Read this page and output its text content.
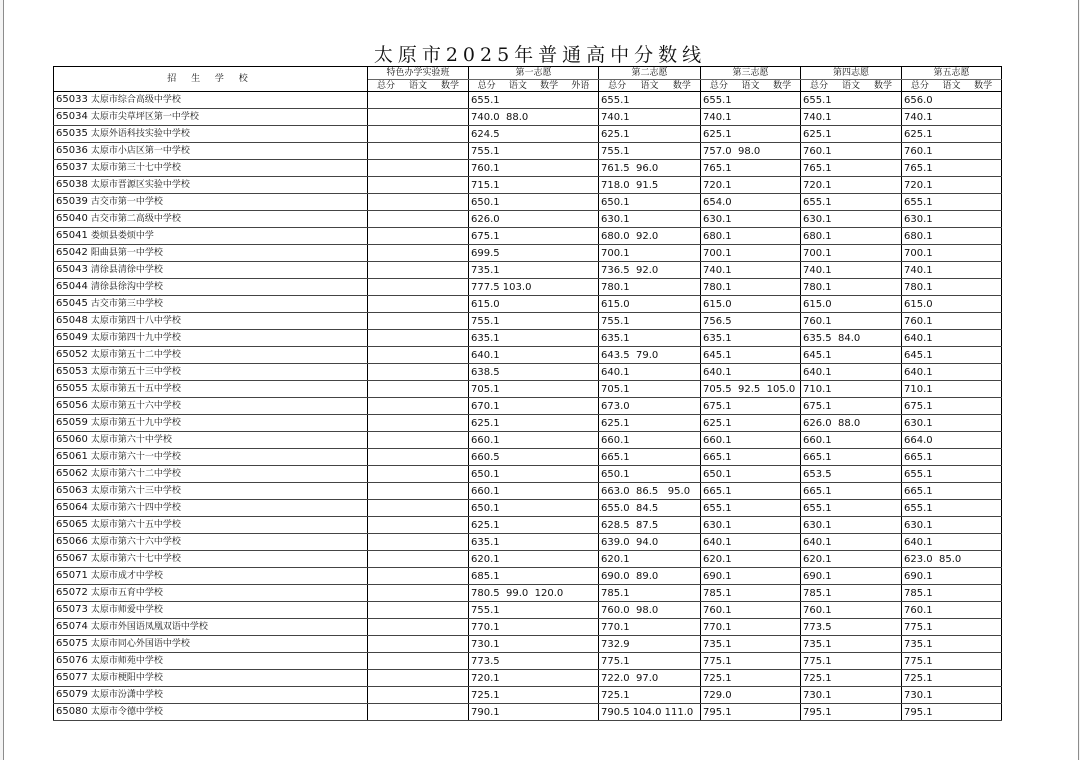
太原市2025年普通高中分数线
招 生 学 校	特色办学实验班	第一志愿	第二志愿	第三志愿	第四志愿	第五志愿

	总分 语文 数学	总分 语文 数学 外语	总分 语文 数学	总分 语文 数学	总分 语文 数学	总分 语文 数学

65033 太原市综合高级中学校		655.1	655.1	655.1	655.1	656.0
65034 太原市尖草坪区第一中学校		740.0  88.0	740.1	740.1	740.1	740.1
65035 太原外语科技实验中学校		624.5	625.1	625.1	625.1	625.1
65036 太原市小店区第一中学校		755.1	755.1	757.0  98.0	760.1	760.1
65037 太原市第三十七中学校		760.1	761.5  96.0	765.1	765.1	765.1
65038 太原市晋源区实验中学校		715.1	718.0  91.5	720.1	720.1	720.1
65039 古交市第一中学校		650.1	650.1	654.0	655.1	655.1
65040 古交市第二高级中学校		626.0	630.1	630.1	630.1	630.1
65041 娄烦县娄烦中学		675.1	680.0  92.0	680.1	680.1	680.1
65042 阳曲县第一中学校		699.5	700.1	700.1	700.1	700.1
65043 清徐县清徐中学校		735.1	736.5  92.0	740.1	740.1	740.1
65044 清徐县徐沟中学校		777.5 103.0	780.1	780.1	780.1	780.1
65045 古交市第三中学校		615.0	615.0	615.0	615.0	615.0
65048 太原市第四十八中学校		755.1	755.1	756.5	760.1	760.1
65049 太原市第四十九中学校		635.1	635.1	635.1	635.5  84.0	640.1
65052 太原市第五十二中学校		640.1	643.5  79.0	645.1	645.1	645.1
65053 太原市第五十三中学校		638.5	640.1	640.1	640.1	640.1
65055 太原市第五十五中学校		705.1	705.1	705.5  92.5  105.0	710.1	710.1
65056 太原市第五十六中学校		670.1	673.0	675.1	675.1	675.1
65059 太原市第五十九中学校		625.1	625.1	625.1	626.0  88.0	630.1
65060 太原市第六十中学校		660.1	660.1	660.1	660.1	664.0
65061 太原市第六十一中学校		660.5	665.1	665.1	665.1	665.1
65062 太原市第六十二中学校		650.1	650.1	650.1	653.5	655.1
65063 太原市第六十三中学校		660.1	663.0  86.5   95.0	665.1	665.1	665.1
65064 太原市第六十四中学校		650.1	655.0  84.5	655.1	655.1	655.1
65065 太原市第六十五中学校		625.1	628.5  87.5	630.1	630.1	630.1
65066 太原市第六十六中学校		635.1	639.0  94.0	640.1	640.1	640.1
65067 太原市第六十七中学校		620.1	620.1	620.1	620.1	623.0  85.0
65071 太原市成才中学校		685.1	690.0  89.0	690.1	690.1	690.1
65072 太原市五育中学校		780.5  99.0  120.0	785.1	785.1	785.1	785.1
65073 太原市师爱中学校		755.1	760.0  98.0	760.1	760.1	760.1
65074 太原市外国语凤凰双语中学校		770.1	770.1	770.1	773.5	775.1
65075 太原市同心外国语中学校		730.1	732.9	735.1	735.1	735.1
65076 太原市师苑中学校		773.5	775.1	775.1	775.1	775.1
65077 太原市梗阳中学校		720.1	722.0  97.0	725.1	725.1	725.1
65079 太原市汾潇中学校		725.1	725.1	729.0	730.1	730.1
65080 太原市令德中学校		790.1	790.5 104.0 111.0	795.1	795.1	795.1
